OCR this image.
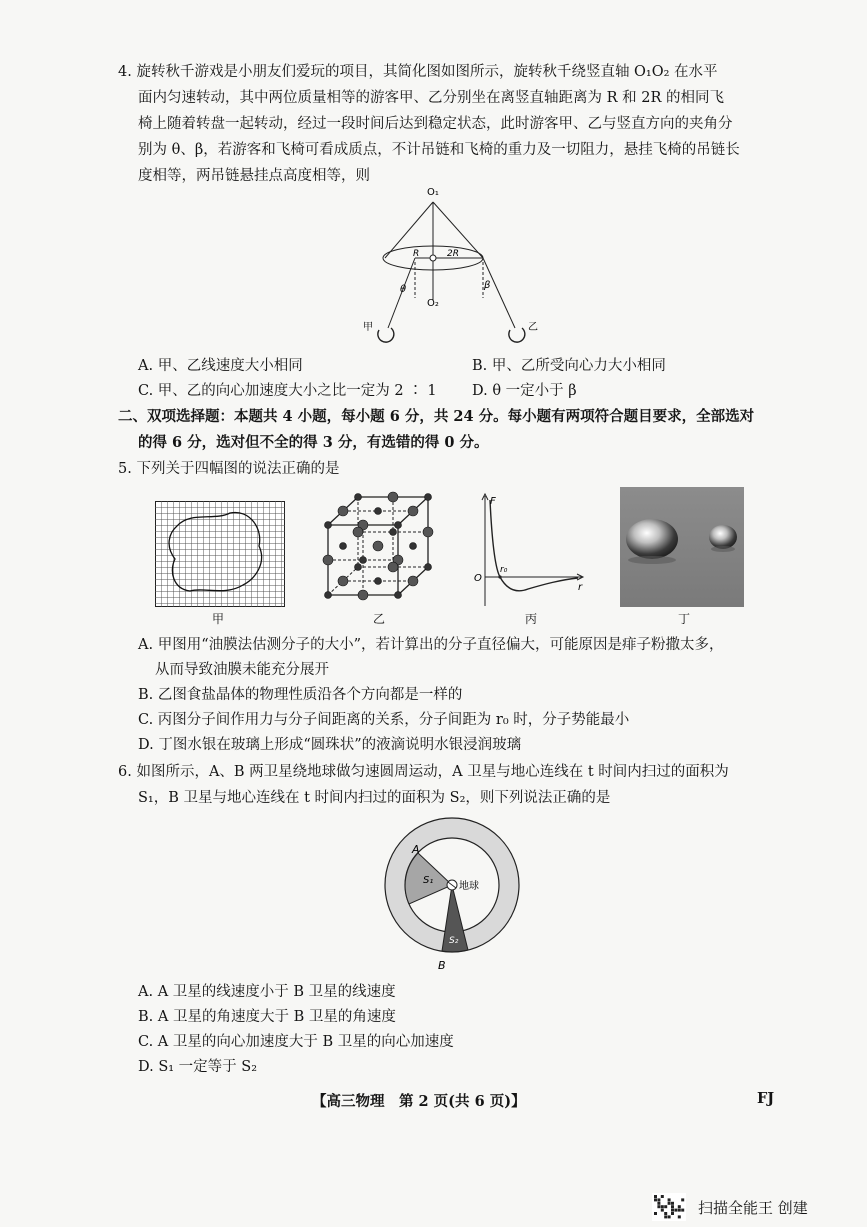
4. 旋转秋千游戏是小朋友们爱玩的项目，其简化图如图所示，旋转秋千绕竖直轴 O₁O₂ 在水平
面内匀速转动，其中两位质量相等的游客甲、乙分别坐在离竖直轴距离为 R 和 2R 的相同飞
椅上随着转盘一起转动，经过一段时间后达到稳定状态，此时游客甲、乙与竖直方向的夹角分
别为 θ、β，若游客和飞椅可看成质点，不计吊链和飞椅的重力及一切阻力，悬挂飞椅的吊链长
度相等，两吊链悬挂点高度相等，则
O₁
O₂
R	2R
θ	β
甲	乙
A. 甲、乙线速度大小相同	B. 甲、乙所受向心力大小相同
C. 甲、乙的向心加速度大小之比一定为 2 ∶ 1 D. θ 一定小于 β
二、双项选择题：本题共 4 小题，每小题 6 分，共 24 分。每小题有两项符合题目要求，全部选对
的得 6 分，选对但不全的得 3 分，有选错的得 0 分。
5. 下列关于四幅图的说法正确的是
甲	乙
F
r
O
r₀
丙	丁
A. 甲图用“油膜法估测分子的大小”，若计算出的分子直径偏大，可能原因是痱子粉撒太多，
从而导致油膜未能充分展开
B. 乙图食盐晶体的物理性质沿各个方向都是一样的
C. 丙图分子间作用力与分子间距离的关系，分子间距为 r₀ 时，分子势能最小
D. 丁图水银在玻璃上形成“圆珠状”的液滴说明水银浸润玻璃
6. 如图所示，A、B 两卫星绕地球做匀速圆周运动，A 卫星与地心连线在 t 时间内扫过的面积为
S₁，B 卫星与地心连线在 t 时间内扫过的面积为 S₂，则下列说法正确的是
A
S₁
地球
S₂
B
A. A 卫星的线速度小于 B 卫星的线速度
B. A 卫星的角速度大于 B 卫星的角速度
C. A 卫星的向心加速度大于 B 卫星的向心加速度
D. S₁ 一定等于 S₂
【高三物理　第 2 页(共 6 页)】	FJ
扫描全能王 创建
